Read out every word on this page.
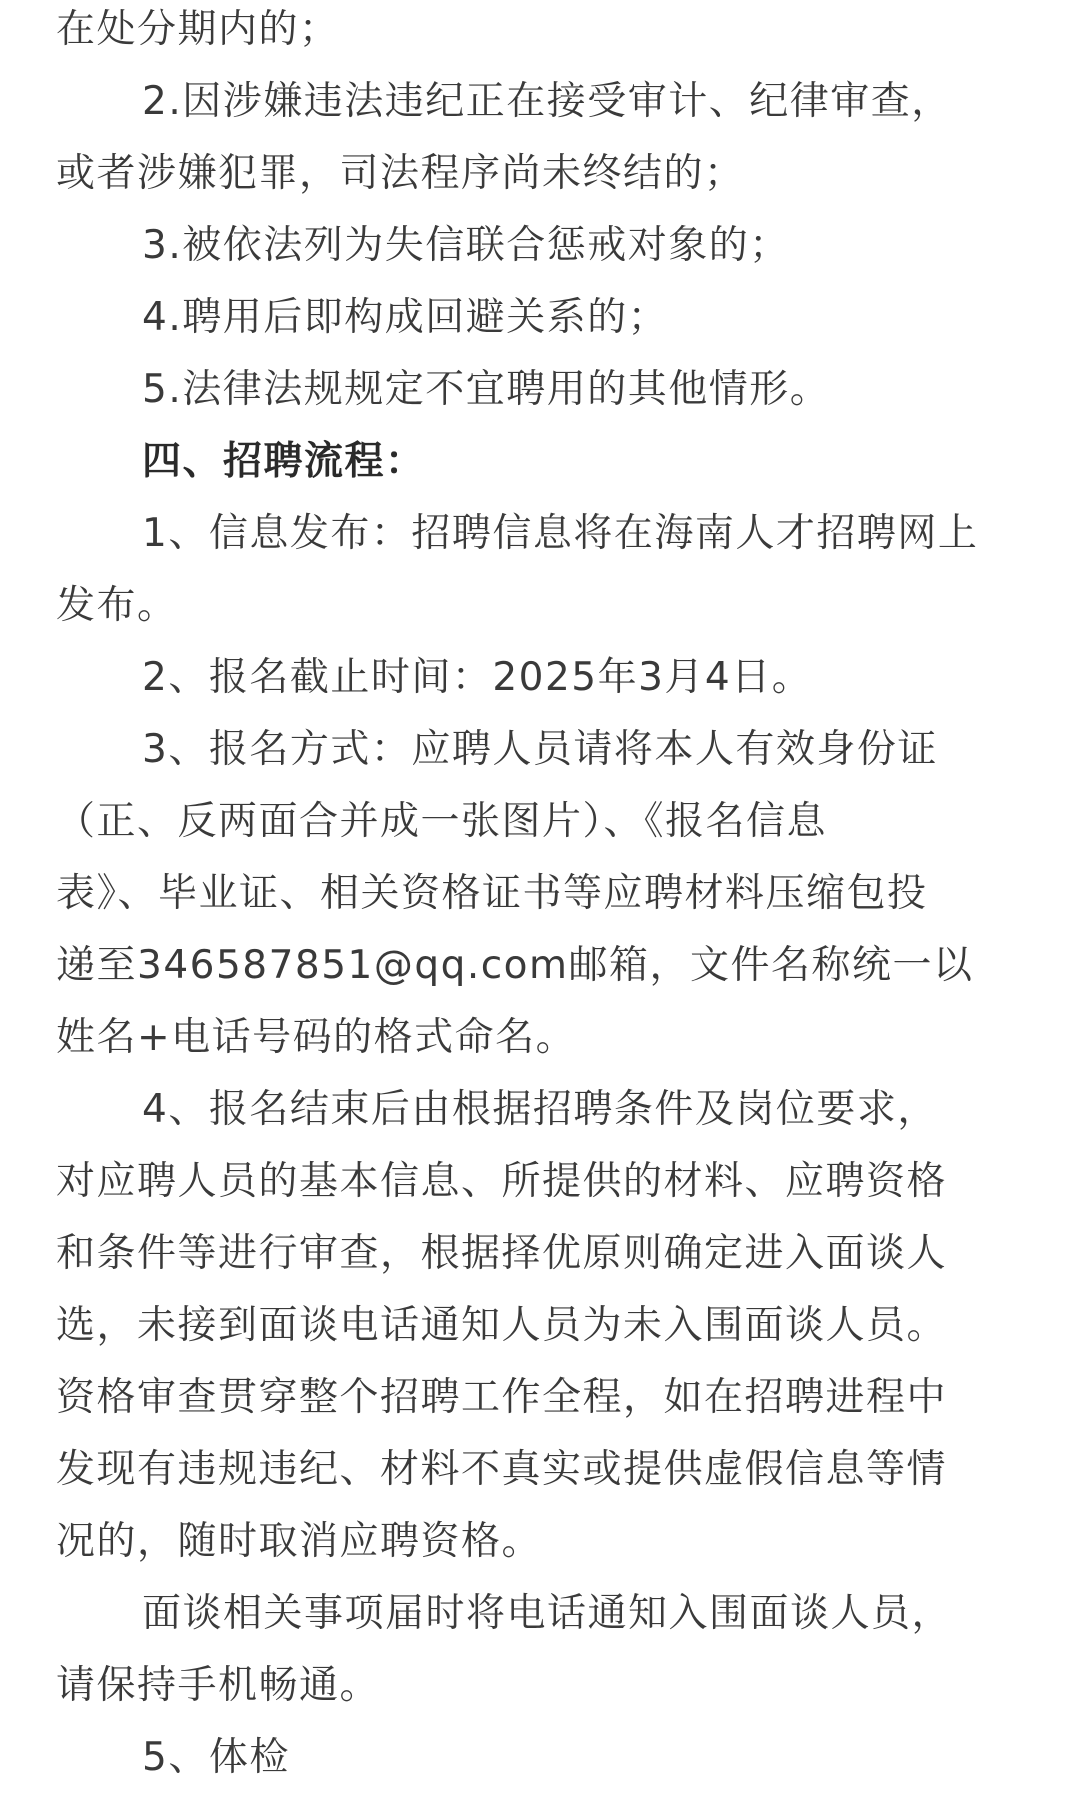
在处分期内的；
2.因涉嫌违法违纪正在接受审计、纪律审查，
或者涉嫌犯罪，司法程序尚未终结的；
3.被依法列为失信联合惩戒对象的；
4.聘用后即构成回避关系的；
5.法律法规规定不宜聘用的其他情形。
四、招聘流程：
1、信息发布：招聘信息将在海南人才招聘网上
发布。
2、报名截止时间：2025年3月4日。
3、报名方式：应聘人员请将本人有效身份证
（正、反两面合并成一张图片）、《报名信息
表》、毕业证、相关资格证书等应聘材料压缩包投
递至346587851@qq.com邮箱，文件名称统一以
姓名+电话号码的格式命名。
4、报名结束后由根据招聘条件及岗位要求，
对应聘人员的基本信息、所提供的材料、应聘资格
和条件等进行审查，根据择优原则确定进入面谈人
选，未接到面谈电话通知人员为未入围面谈人员。
资格审查贯穿整个招聘工作全程，如在招聘进程中
发现有违规违纪、材料不真实或提供虚假信息等情
况的，随时取消应聘资格。
面谈相关事项届时将电话通知入围面谈人员，
请保持手机畅通。
5、体检
